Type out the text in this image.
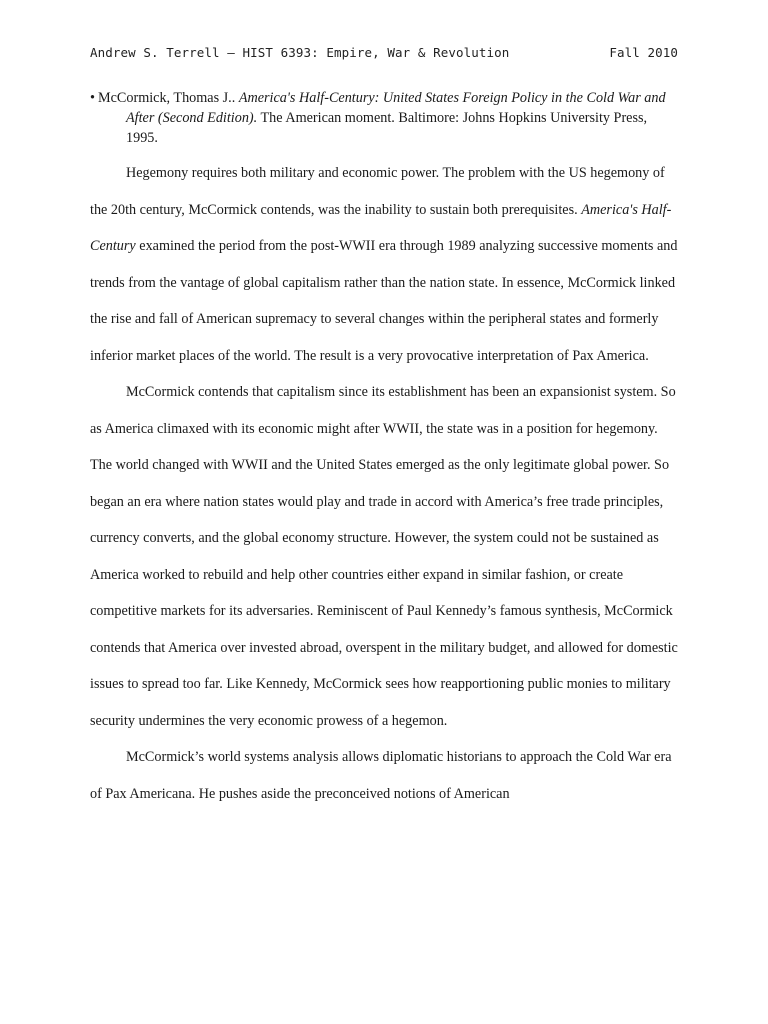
Andrew S. Terrell – HIST 6393: Empire, War & Revolution	Fall 2010

• McCormick, Thomas J.. America's Half-Century: United States Foreign Policy in the Cold War and After (Second Edition). The American moment. Baltimore: Johns Hopkins University Press, 1995.

Hegemony requires both military and economic power. The problem with the US hegemony of the 20th century, McCormick contends, was the inability to sustain both prerequisites. America's Half-Century examined the period from the post-WWII era through 1989 analyzing successive moments and trends from the vantage of global capitalism rather than the nation state. In essence, McCormick linked the rise and fall of American supremacy to several changes within the peripheral states and formerly inferior market places of the world. The result is a very provocative interpretation of Pax America.

McCormick contends that capitalism since its establishment has been an expansionist system. So as America climaxed with its economic might after WWII, the state was in a position for hegemony. The world changed with WWII and the United States emerged as the only legitimate global power. So began an era where nation states would play and trade in accord with America’s free trade principles, currency converts, and the global economy structure. However, the system could not be sustained as America worked to rebuild and help other countries either expand in similar fashion, or create competitive markets for its adversaries. Reminiscent of Paul Kennedy’s famous synthesis, McCormick contends that America over invested abroad, overspent in the military budget, and allowed for domestic issues to spread too far. Like Kennedy, McCormick sees how reapportioning public monies to military security undermines the very economic prowess of a hegemon.

McCormick’s world systems analysis allows diplomatic historians to approach the Cold War era of Pax Americana. He pushes aside the preconceived notions of American
